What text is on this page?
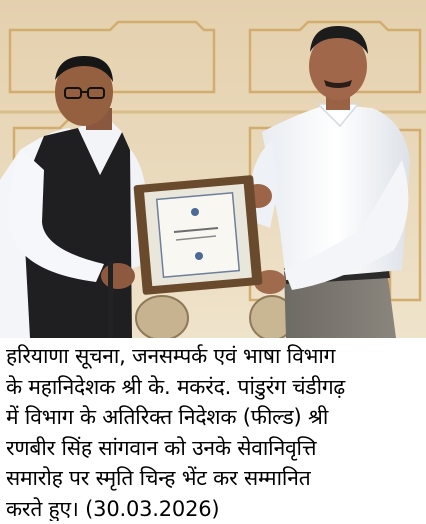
हरियाणा सूचना, जनसम्पर्क एवं भाषा विभाग
के महानिदेशक श्री के. मकरंद. पांडुरंग चंडीगढ़
में विभाग के अतिरिक्त निदेशक (फील्ड) श्री
रणबीर सिंह सांगवान को उनके सेवानिवृत्ति
समारोह पर स्मृति चिन्ह भेंट कर सम्मानित
करते हुए। (30.03.2026)
